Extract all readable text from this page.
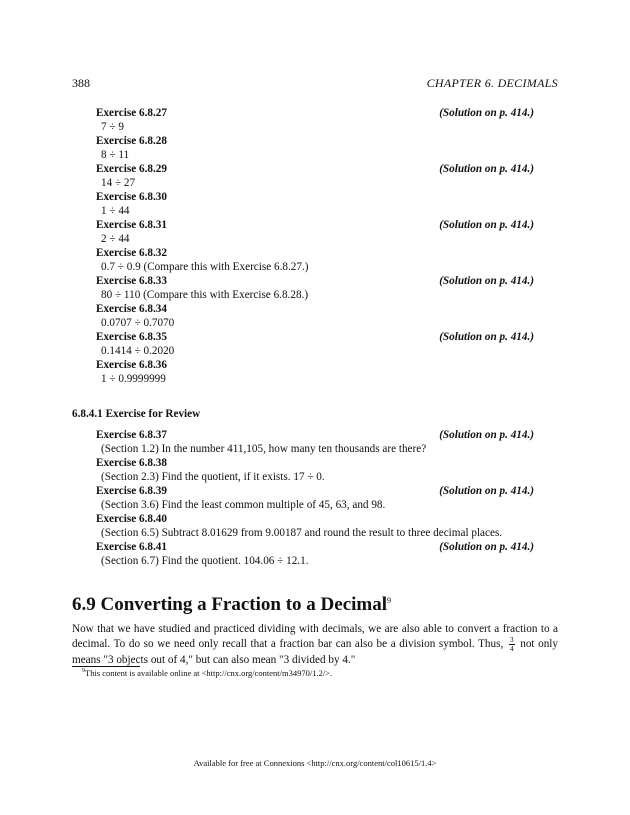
388	CHAPTER 6. DECIMALS
Exercise 6.8.27	(Solution on p. 414.)
7 ÷ 9
Exercise 6.8.28
8 ÷ 11
Exercise 6.8.29	(Solution on p. 414.)
14 ÷ 27
Exercise 6.8.30
1 ÷ 44
Exercise 6.8.31	(Solution on p. 414.)
2 ÷ 44
Exercise 6.8.32
0.7 ÷ 0.9 (Compare this with Exercise 6.8.27.)
Exercise 6.8.33	(Solution on p. 414.)
80 ÷ 110 (Compare this with Exercise 6.8.28.)
Exercise 6.8.34
0.0707 ÷ 0.7070
Exercise 6.8.35	(Solution on p. 414.)
0.1414 ÷ 0.2020
Exercise 6.8.36
1 ÷ 0.9999999
6.8.4.1 Exercise for Review
Exercise 6.8.37	(Solution on p. 414.)
(Section 1.2) In the number 411,105, how many ten thousands are there?
Exercise 6.8.38
(Section 2.3) Find the quotient, if it exists. 17 ÷ 0.
Exercise 6.8.39	(Solution on p. 414.)
(Section 3.6) Find the least common multiple of 45, 63, and 98.
Exercise 6.8.40
(Section 6.5) Subtract 8.01629 from 9.00187 and round the result to three decimal places.
Exercise 6.8.41	(Solution on p. 414.)
(Section 6.7) Find the quotient. 104.06 ÷ 12.1.
6.9 Converting a Fraction to a Decimal$^9$
Now that we have studied and practiced dividing with decimals, we are also able to convert a fraction to a decimal. To do so we need only recall that a fraction bar can also be a division symbol. Thus, $\frac{3}{4}$ not only means "3 objects out of 4," but can also mean "3 divided by 4."
$^9$This content is available online at <http://cnx.org/content/m34970/1.2/>.
Available for free at Connexions <http://cnx.org/content/col10615/1.4>
